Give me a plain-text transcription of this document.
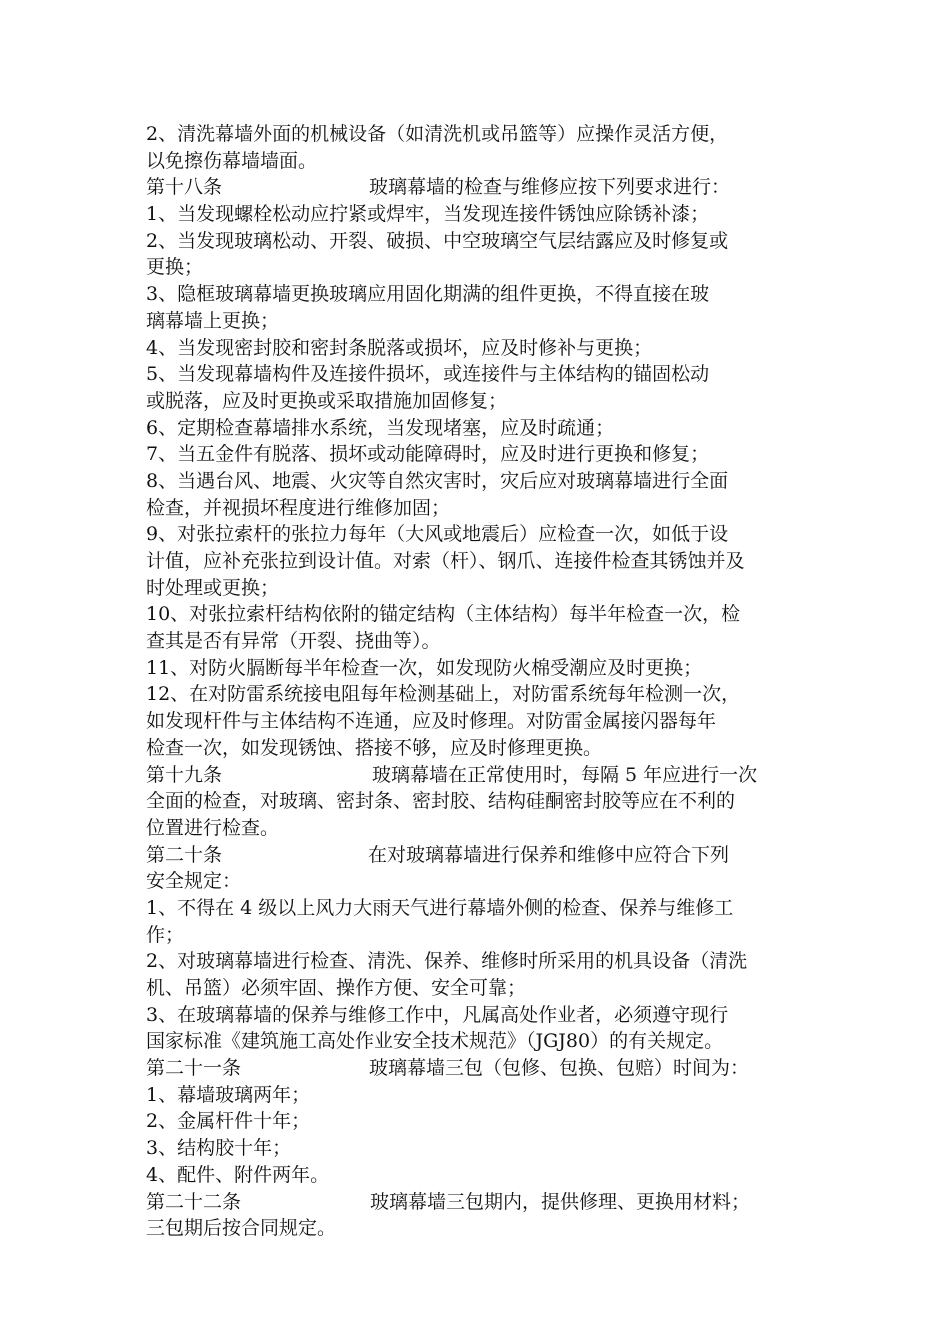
2、清洗幕墙外面的机械设备（如清洗机或吊篮等）应操作灵活方便，
以免擦伤幕墙墙面。
第十八条	玻璃幕墙的检查与维修应按下列要求进行：
1、当发现螺栓松动应拧紧或焊牢，当发现连接件锈蚀应除锈补漆；
2、当发现玻璃松动、开裂、破损、中空玻璃空气层结露应及时修复或
更换；
3、隐框玻璃幕墙更换玻璃应用固化期满的组件更换，不得直接在玻
璃幕墙上更换；
4、当发现密封胶和密封条脱落或损坏，应及时修补与更换；
5、当发现幕墙构件及连接件损坏，或连接件与主体结构的锚固松动
或脱落，应及时更换或采取措施加固修复；
6、定期检查幕墙排水系统，当发现堵塞，应及时疏通；
7、当五金件有脱落、损坏或动能障碍时，应及时进行更换和修复；
8、当遇台风、地震、火灾等自然灾害时，灾后应对玻璃幕墙进行全面
检查，并视损坏程度进行维修加固；
9、对张拉索杆的张拉力每年（大风或地震后）应检查一次，如低于设
计值，应补充张拉到设计值。对索（杆）、钢爪、连接件检查其锈蚀并及
时处理或更换；
10、对张拉索杆结构依附的锚定结构（主体结构）每半年检查一次，检
查其是否有异常（开裂、挠曲等）。
11、对防火膈断每半年检查一次，如发现防火棉受潮应及时更换；
12、在对防雷系统接电阻每年检测基础上，对防雷系统每年检测一次，
如发现杆件与主体结构不连通，应及时修理。对防雷金属接闪器每年
检查一次，如发现锈蚀、搭接不够，应及时修理更换。
第十九条	玻璃幕墙在正常使用时，每隔 5 年应进行一次
全面的检查，对玻璃、密封条、密封胶、结构硅酮密封胶等应在不利的
位置进行检查。
第二十条	在对玻璃幕墙进行保养和维修中应符合下列
安全规定：
1、不得在 4 级以上风力大雨天气进行幕墙外侧的检查、保养与维修工
作；
2、对玻璃幕墙进行检查、清洗、保养、维修时所采用的机具设备（清洗
机、吊篮）必须牢固、操作方便、安全可靠；
3、在玻璃幕墙的保养与维修工作中，凡属高处作业者，必须遵守现行
国家标准《建筑施工高处作业安全技术规范》（JGJ80）的有关规定。
第二十一条	玻璃幕墙三包（包修、包换、包赔）时间为：
1、幕墙玻璃两年；
2、金属杆件十年；
3、结构胶十年；
4、配件、附件两年。
第二十二条	玻璃幕墙三包期内，提供修理、更换用材料；
三包期后按合同规定。
